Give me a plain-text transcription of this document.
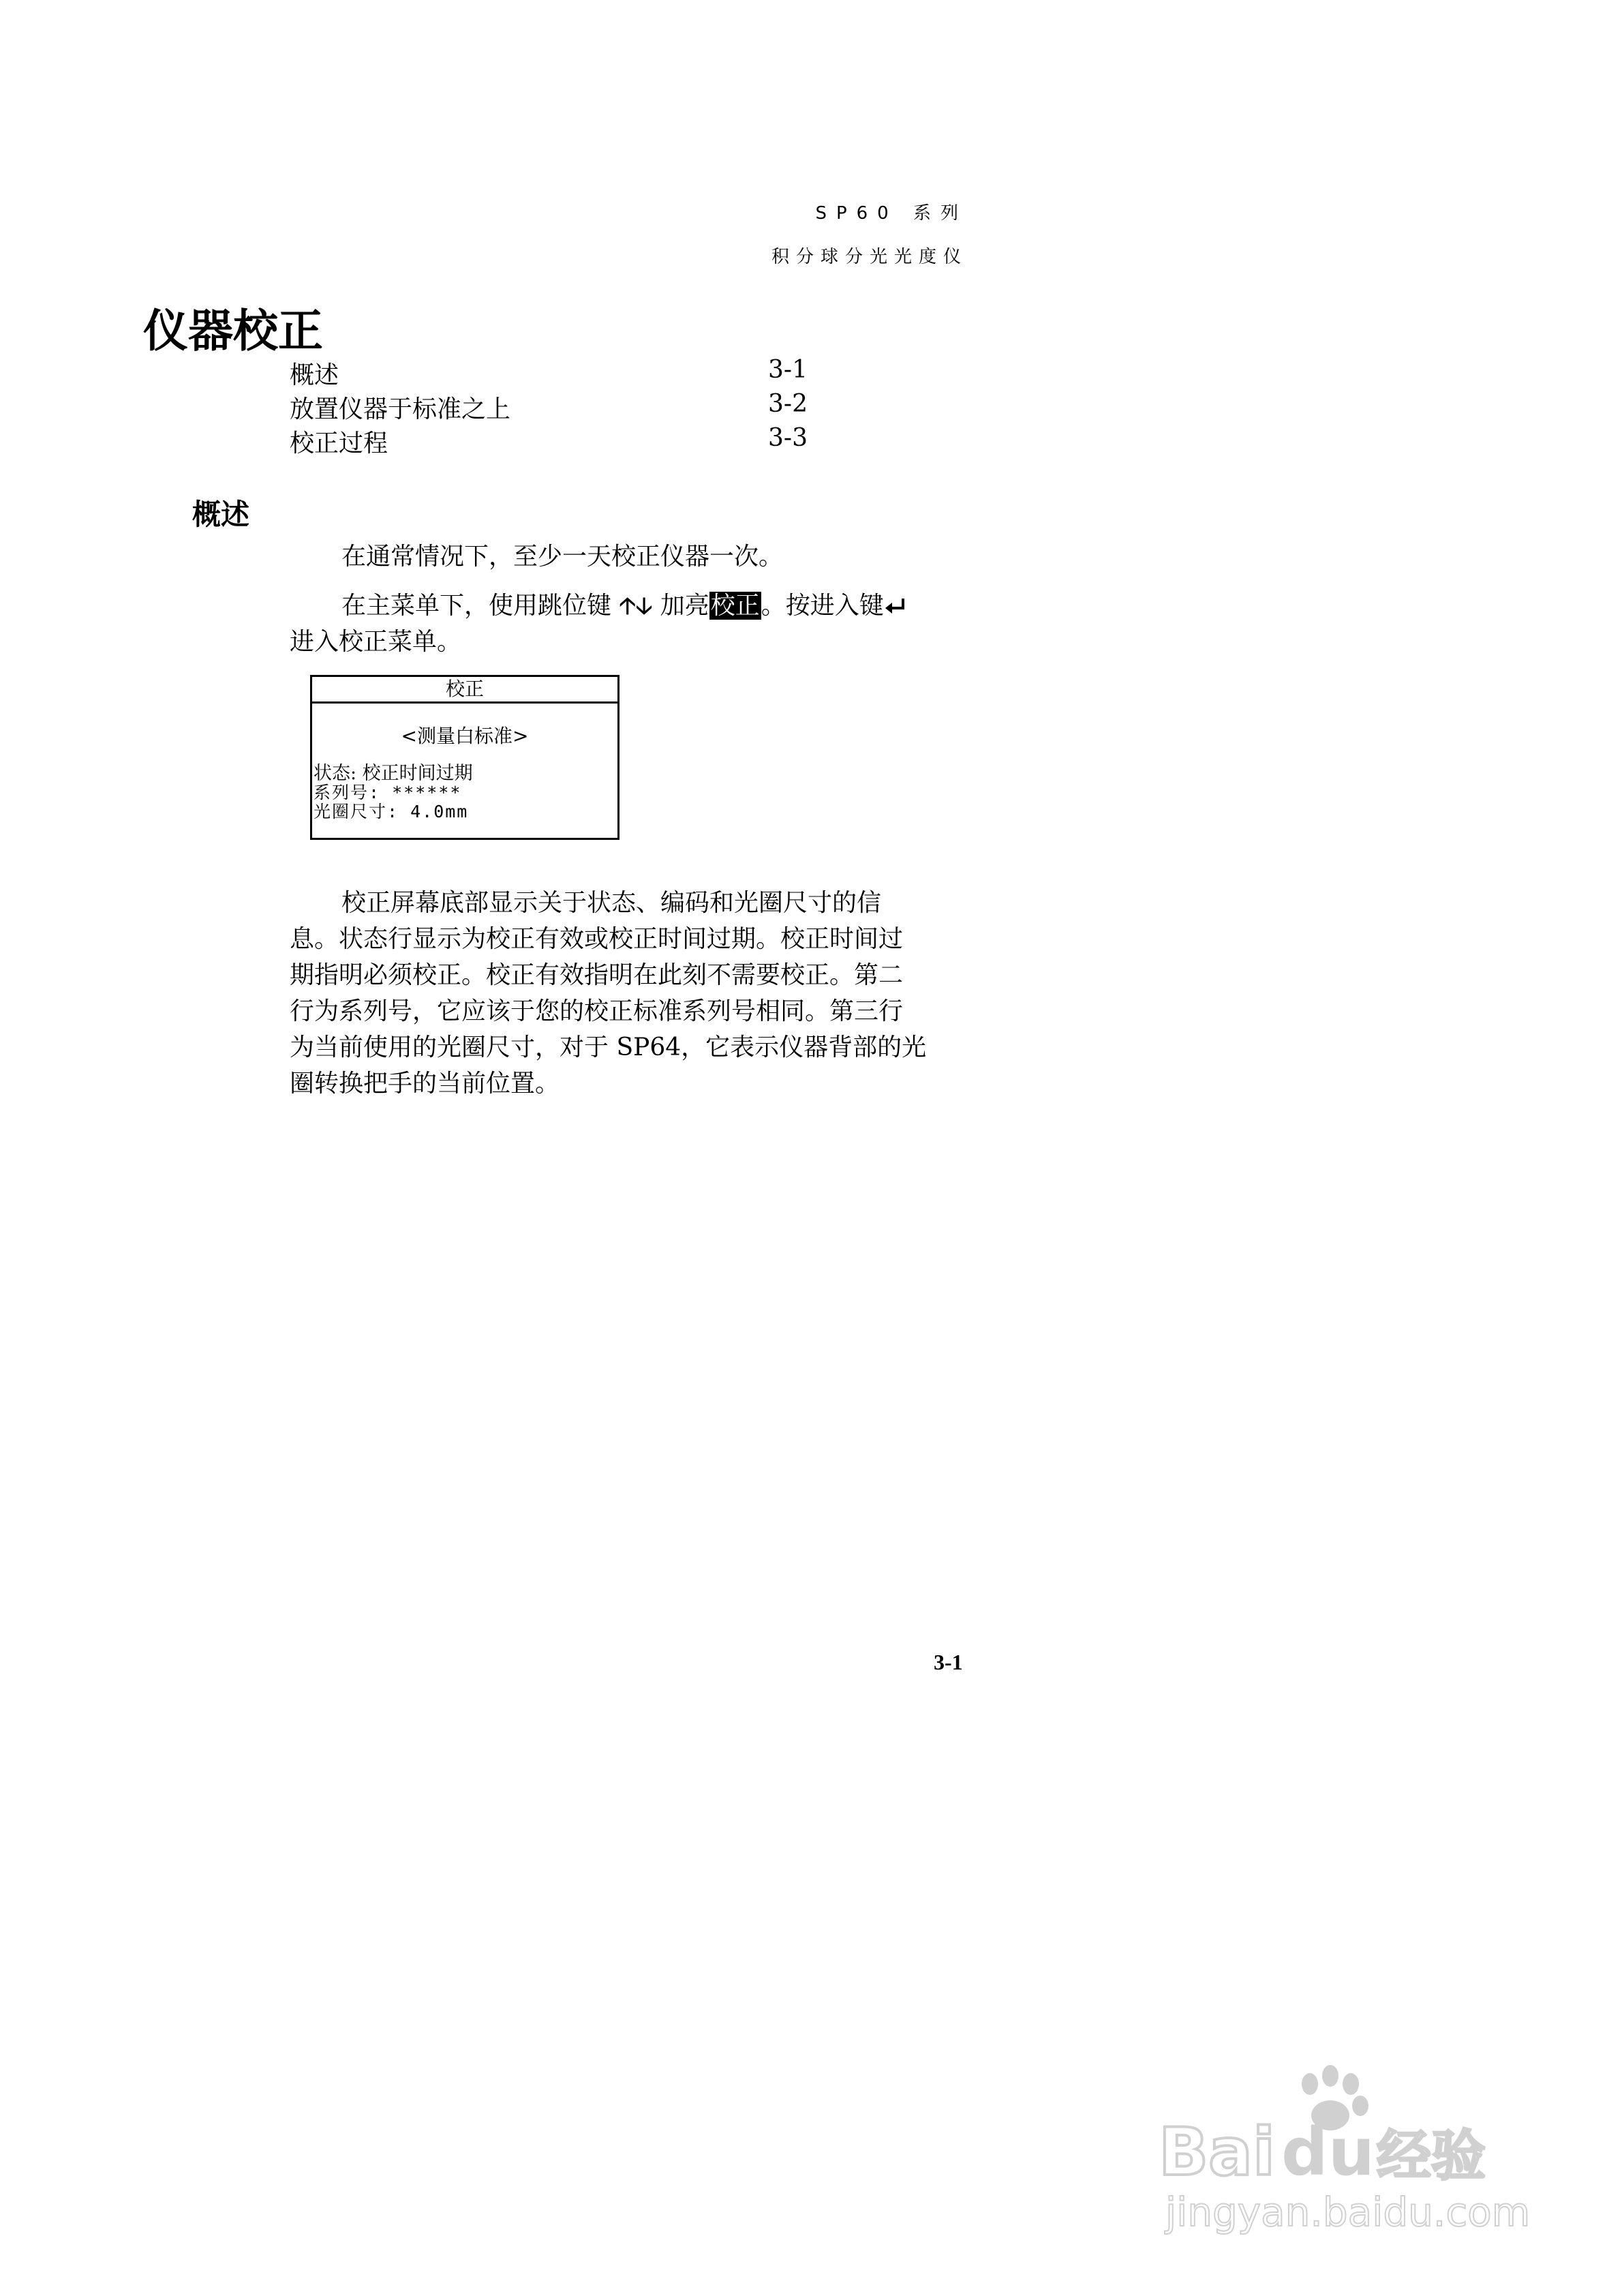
SP60 系列
积分球分光光度仪
仪器校正
概述	3-1
放置仪器于标准之上	3-2
校正过程	3-3
概述
在通常情况下，至少一天校正仪器一次。
在主菜单下，使用跳位键 🡡🡣 加亮校正。按进入键
进入校正菜单。
校正
<测量白标准>
状态: 校正时间过期
系列号: ******
光圈尺寸: 4.0mm
校正屏幕底部显示关于状态、编码和光圈尺寸的信
息。状态行显示为校正有效或校正时间过期。校正时间过
期指明必须校正。校正有效指明在此刻不需要校正。第二
行为系列号，它应该于您的校正标准系列号相同。第三行
为当前使用的光圈尺寸，对于 SP64，它表示仪器背部的光
圈转换把手的当前位置。
3-1
Bai du 经验
jingyan.baidu.com
